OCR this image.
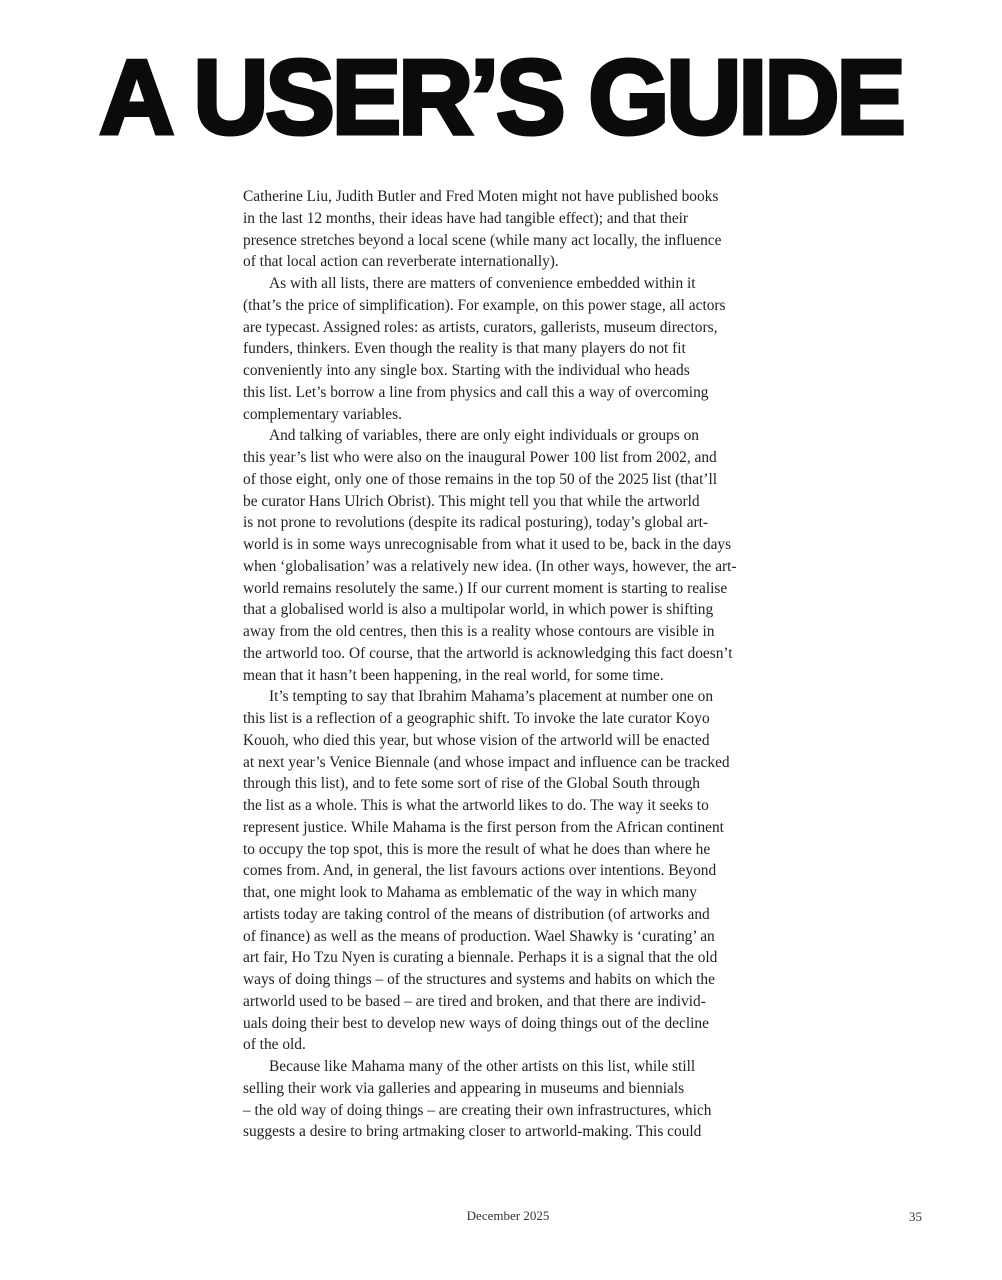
A USER’S GUIDE
Catherine Liu, Judith Butler and Fred Moten might not have published books
in the last 12 months, their ideas have had tangible effect); and that their
presence stretches beyond a local scene (while many act locally, the influence
of that local action can reverberate internationally).
As with all lists, there are matters of convenience embedded within it
(that’s the price of simplification). For example, on this power stage, all actors
are typecast. Assigned roles: as artists, curators, gallerists, museum directors,
funders, thinkers. Even though the reality is that many players do not fit
conveniently into any single box. Starting with the individual who heads
this list. Let’s borrow a line from physics and call this a way of overcoming
complementary variables.
And talking of variables, there are only eight individuals or groups on
this year’s list who were also on the inaugural Power 100 list from 2002, and
of those eight, only one of those remains in the top 50 of the 2025 list (that’ll
be curator Hans Ulrich Obrist). This might tell you that while the artworld
is not prone to revolutions (despite its radical posturing), today’s global art-
world is in some ways unrecognisable from what it used to be, back in the days
when ‘globalisation’ was a relatively new idea. (In other ways, however, the art-
world remains resolutely the same.) If our current moment is starting to realise
that a globalised world is also a multipolar world, in which power is shifting
away from the old centres, then this is a reality whose contours are visible in
the artworld too. Of course, that the artworld is acknowledging this fact doesn’t
mean that it hasn’t been happening, in the real world, for some time.
It’s tempting to say that Ibrahim Mahama’s placement at number one on
this list is a reflection of a geographic shift. To invoke the late curator Koyo
Kouoh, who died this year, but whose vision of the artworld will be enacted
at next year’s Venice Biennale (and whose impact and influence can be tracked
through this list), and to fete some sort of rise of the Global South through
the list as a whole. This is what the artworld likes to do. The way it seeks to
represent justice. While Mahama is the first person from the African continent
to occupy the top spot, this is more the result of what he does than where he
comes from. And, in general, the list favours actions over intentions. Beyond
that, one might look to Mahama as emblematic of the way in which many
artists today are taking control of the means of distribution (of artworks and
of finance) as well as the means of production. Wael Shawky is ‘curating’ an
art fair, Ho Tzu Nyen is curating a biennale. Perhaps it is a signal that the old
ways of doing things – of the structures and systems and habits on which the
artworld used to be based – are tired and broken, and that there are individ-
uals doing their best to develop new ways of doing things out of the decline
of the old.
Because like Mahama many of the other artists on this list, while still
selling their work via galleries and appearing in museums and biennials
– the old way of doing things – are creating their own infrastructures, which
suggests a desire to bring artmaking closer to artworld-making. This could
December 2025	35
